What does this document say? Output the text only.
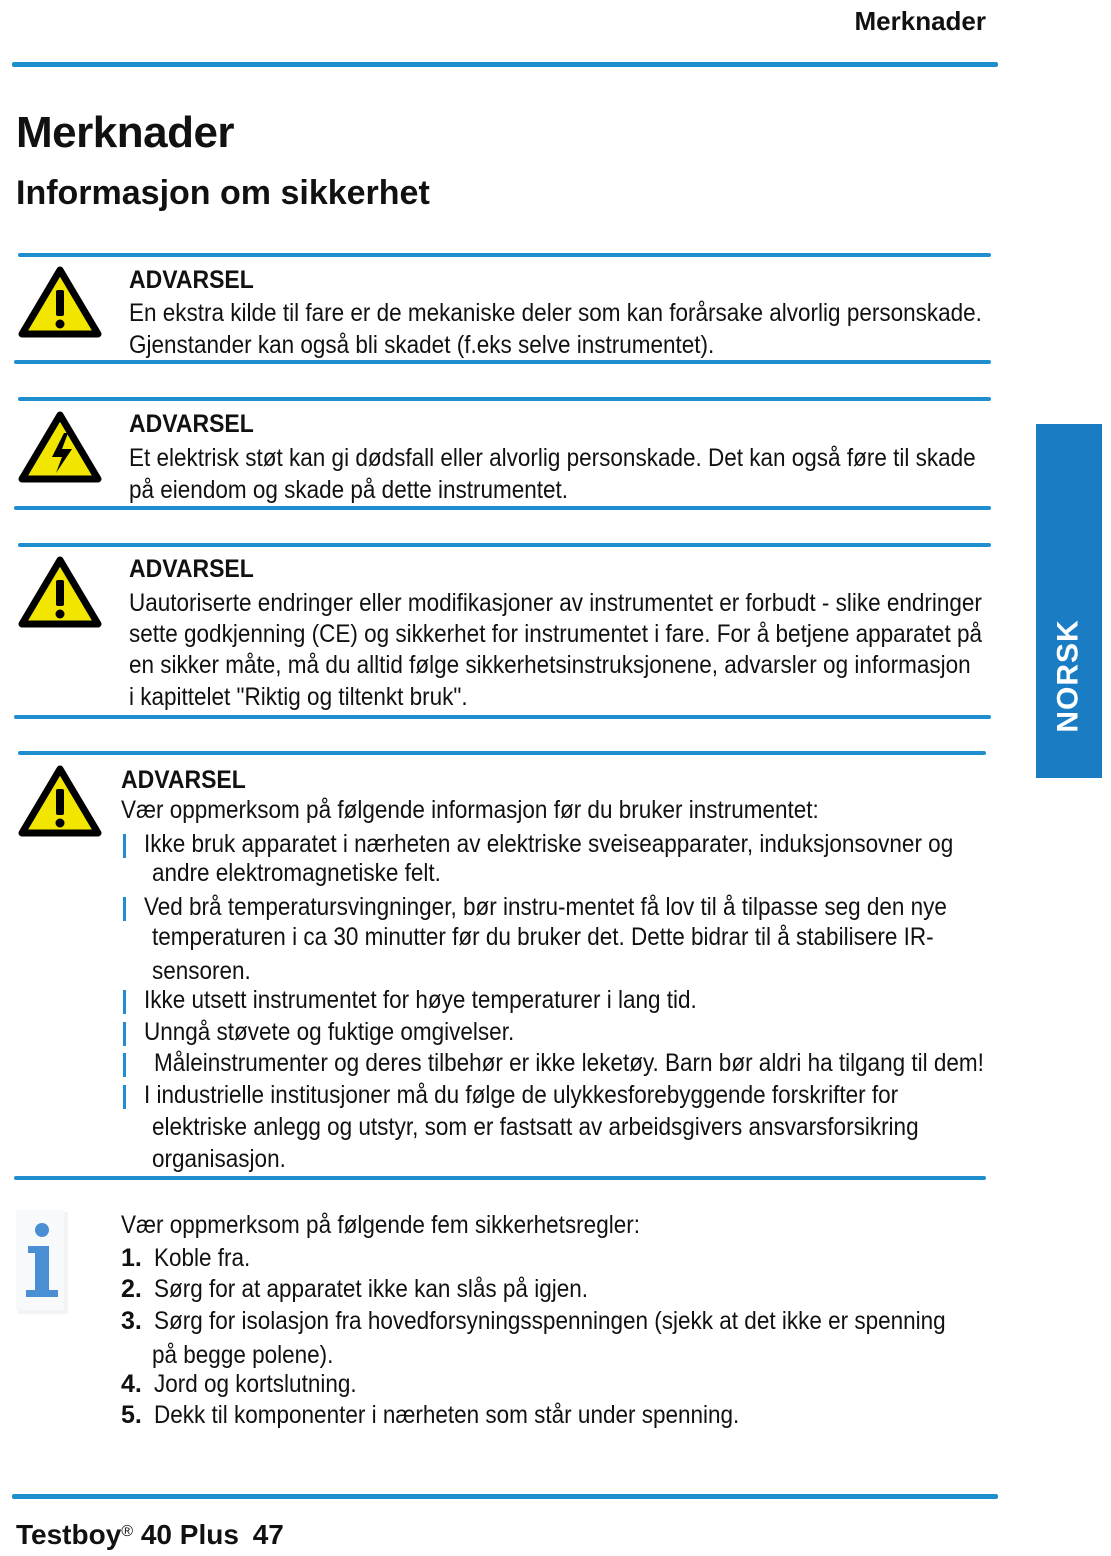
Merknader
Merknader
Informasjon om sikkerhet
NORSK
ADVARSEL
En ekstra kilde til fare er de mekaniske deler som kan forårsake alvorlig personskade.
Gjenstander kan også bli skadet (f.eks selve instrumentet).
ADVARSEL
Et elektrisk støt kan gi dødsfall eller alvorlig personskade. Det kan også føre til skade
på eiendom og skade på dette instrumentet.
ADVARSEL
Uautoriserte endringer eller modifikasjoner av instrumentet er forbudt - slike endringer
sette godkjenning (CE) og sikkerhet for instrumentet i fare. For å betjene apparatet på
en sikker måte, må du alltid følge sikkerhetsinstruksjonene, advarsler og informasjon
i kapittelet "Riktig og tiltenkt bruk".
ADVARSEL
Vær oppmerksom på følgende informasjon før du bruker instrumentet:
Ikke bruk apparatet i nærheten av elektriske sveiseapparater, induksjonsovner og
andre elektromagnetiske felt.
Ved brå temperatursvingninger, bør instru-mentet få lov til å tilpasse seg den nye
temperaturen i ca 30 minutter før du bruker det. Dette bidrar til å stabilisere IR-
sensoren.
Ikke utsett instrumentet for høye temperaturer i lang tid.
Unngå støvete og fuktige omgivelser.
Måleinstrumenter og deres tilbehør er ikke leketøy. Barn bør aldri ha tilgang til dem!
I industrielle institusjoner må du følge de ulykkesforebyggende forskrifter for
elektriske anlegg og utstyr, som er fastsatt av arbeidsgivers ansvarsforsikring
organisasjon.
Vær oppmerksom på følgende fem sikkerhetsregler:
1. Koble fra.
2. Sørg for at apparatet ikke kan slås på igjen.
3. Sørg for isolasjon fra hovedforsyningsspenningen (sjekk at det ikke er spenning
på begge polene).
4. Jord og kortslutning.
5. Dekk til komponenter i nærheten som står under spenning.
Testboy® 40 Plus 47
